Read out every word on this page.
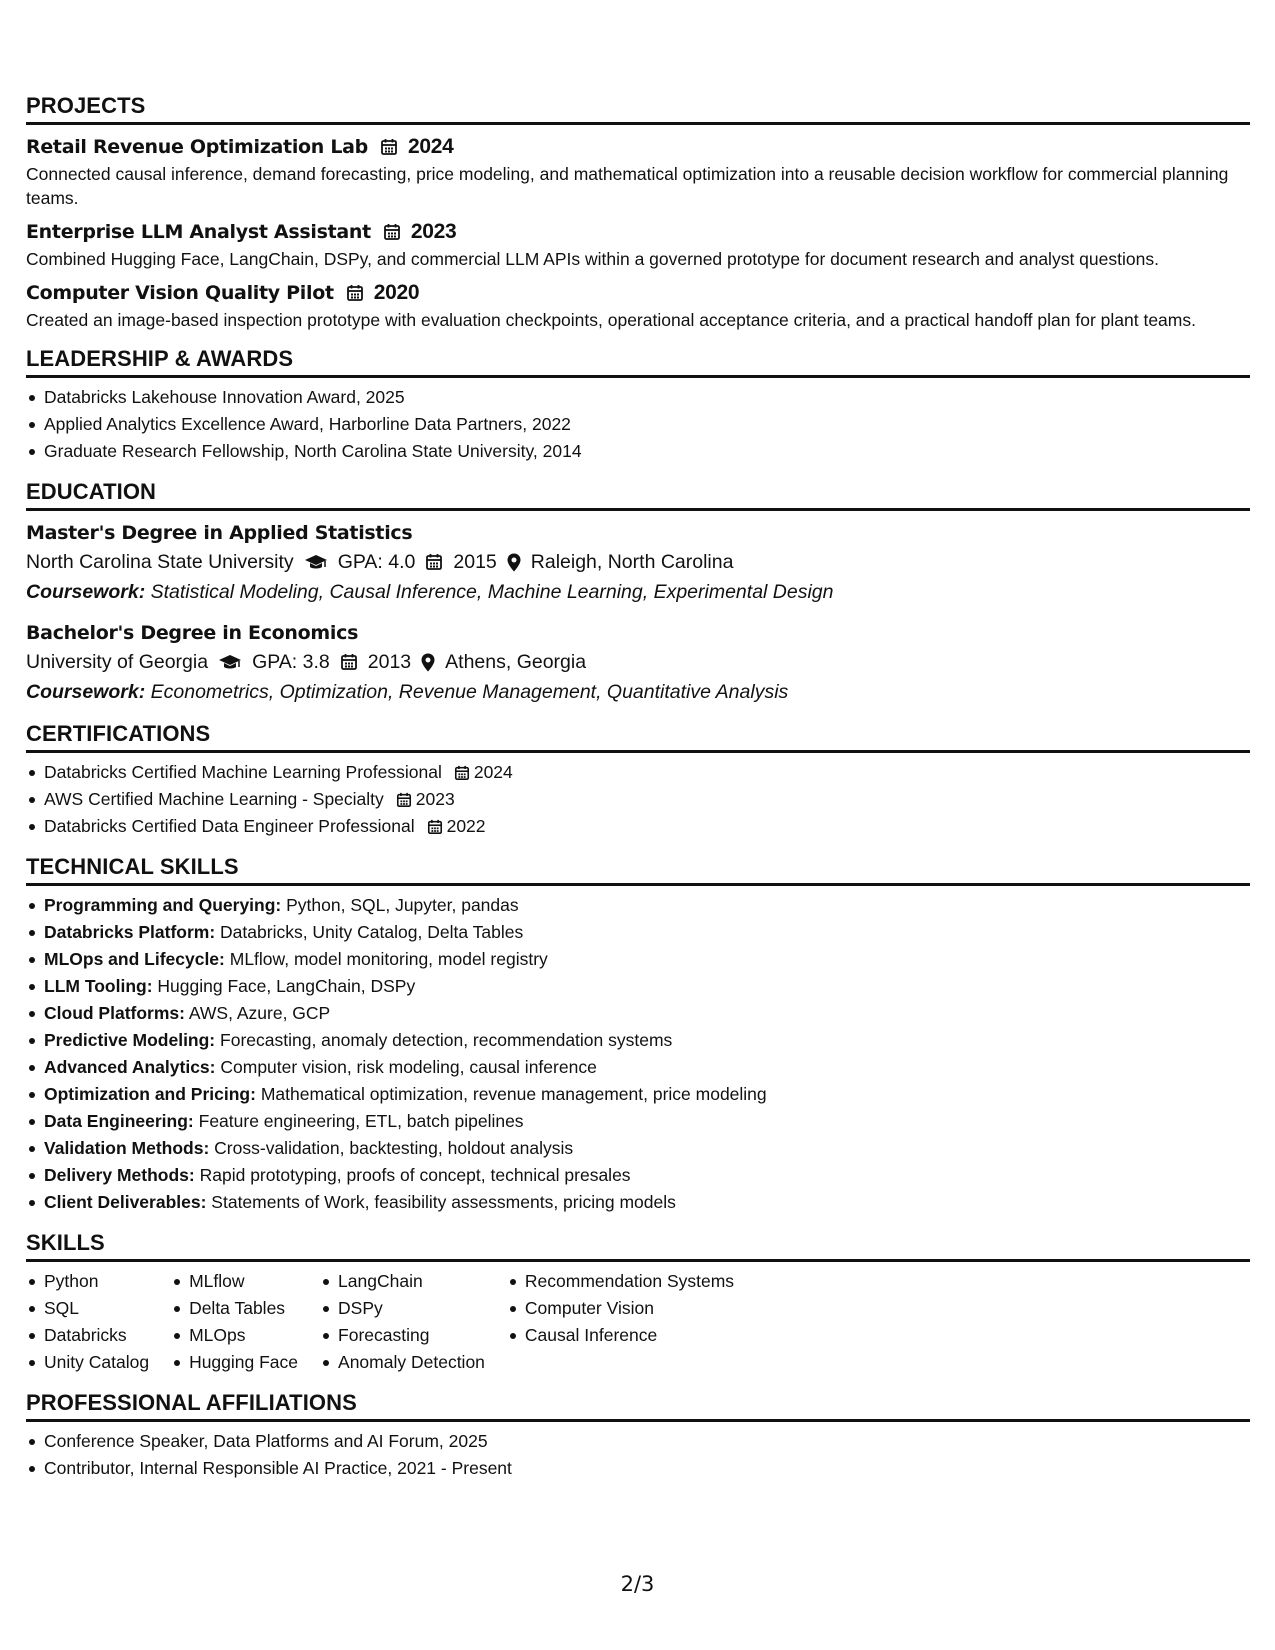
PROJECTS
Retail Revenue Optimization Lab 2024
Connected causal inference, demand forecasting, price modeling, and mathematical optimization into a reusable decision workflow for commercial planning teams.
Enterprise LLM Analyst Assistant 2023
Combined Hugging Face, LangChain, DSPy, and commercial LLM APIs within a governed prototype for document research and analyst questions.
Computer Vision Quality Pilot 2020
Created an image-based inspection prototype with evaluation checkpoints, operational acceptance criteria, and a practical handoff plan for plant teams.
LEADERSHIP & AWARDS
Databricks Lakehouse Innovation Award, 2025
Applied Analytics Excellence Award, Harborline Data Partners, 2022
Graduate Research Fellowship, North Carolina State University, 2014
EDUCATION
Master's Degree in Applied Statistics
North Carolina State University GPA: 4.0 2015 Raleigh, North Carolina
Coursework: Statistical Modeling, Causal Inference, Machine Learning, Experimental Design
Bachelor's Degree in Economics
University of Georgia GPA: 3.8 2013 Athens, Georgia
Coursework: Econometrics, Optimization, Revenue Management, Quantitative Analysis
CERTIFICATIONS
Databricks Certified Machine Learning Professional 2024
AWS Certified Machine Learning - Specialty 2023
Databricks Certified Data Engineer Professional 2022
TECHNICAL SKILLS
Programming and Querying: Python, SQL, Jupyter, pandas
Databricks Platform: Databricks, Unity Catalog, Delta Tables
MLOps and Lifecycle: MLflow, model monitoring, model registry
LLM Tooling: Hugging Face, LangChain, DSPy
Cloud Platforms: AWS, Azure, GCP
Predictive Modeling: Forecasting, anomaly detection, recommendation systems
Advanced Analytics: Computer vision, risk modeling, causal inference
Optimization and Pricing: Mathematical optimization, revenue management, price modeling
Data Engineering: Feature engineering, ETL, batch pipelines
Validation Methods: Cross-validation, backtesting, holdout analysis
Delivery Methods: Rapid prototyping, proofs of concept, technical presales
Client Deliverables: Statements of Work, feasibility assessments, pricing models
SKILLS
Python
SQL
Databricks
Unity Catalog
MLflow
Delta Tables
MLOps
Hugging Face
LangChain
DSPy
Forecasting
Anomaly Detection
Recommendation Systems
Computer Vision
Causal Inference
PROFESSIONAL AFFILIATIONS
Conference Speaker, Data Platforms and AI Forum, 2025
Contributor, Internal Responsible AI Practice, 2021 - Present
2/3
